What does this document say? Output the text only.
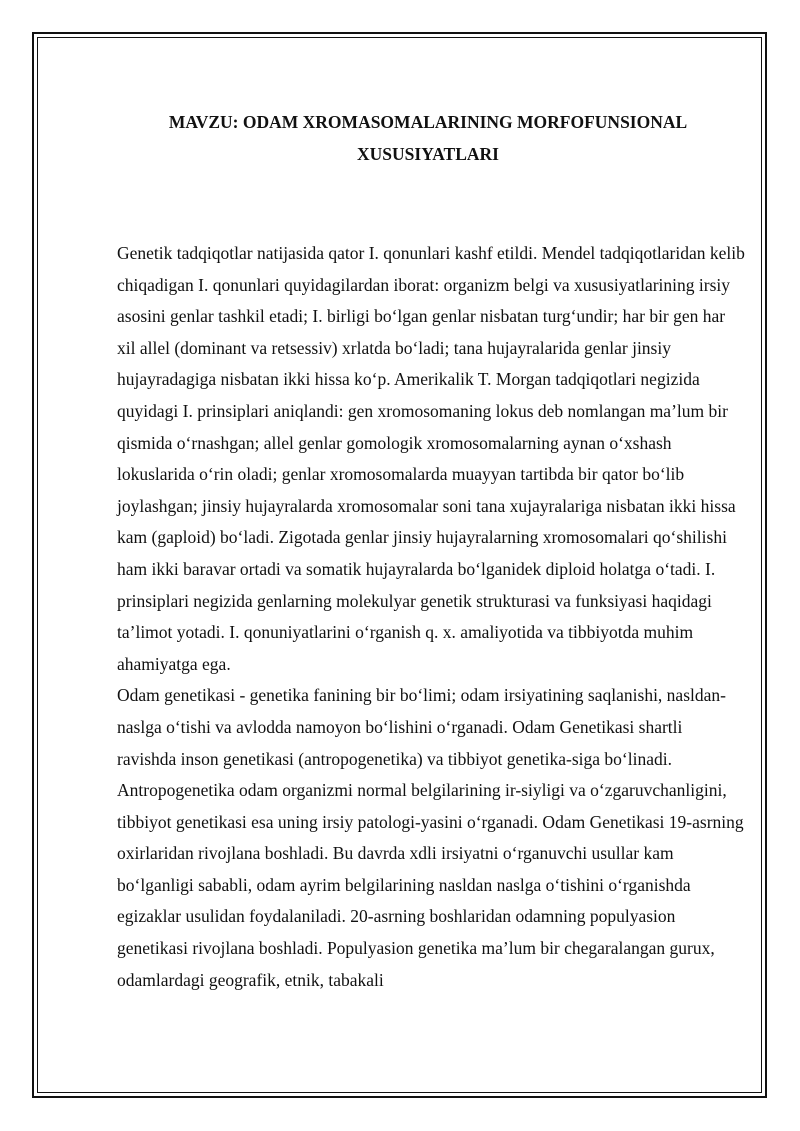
MAVZU: ODAM XROMASOMALARINING MORFOFUNSIONAL
XUSUSIYATLARI

Genetik tadqiqotlar natijasida qator I. qonunlari kashf etildi. Mendel tadqiqotlaridan kelib chiqadigan I. qonunlari quyidagilardan iborat: organizm belgi va xususiyatlarining irsiy asosini genlar tashkil etadi; I. birligi bo‘lgan genlar nisbatan turg‘undir; har bir gen har xil allel (dominant va retsessiv) xrlatda bo‘ladi; tana hujayralarida genlar jinsiy hujayradagiga nisbatan ikki hissa ko‘p. Amerikalik T. Morgan tadqiqotlari negizida quyidagi I. prinsiplari aniqlandi: gen xromosomaning lokus deb nomlangan ma’lum bir qismida o‘rnashgan; allel genlar gomologik xromosomalarning aynan o‘xshash lokuslarida o‘rin oladi; genlar xromosomalarda muayyan tartibda bir qator bo‘lib joylashgan; jinsiy hujayralarda xromosomalar soni tana xujayralariga nisbatan ikki hissa kam (gaploid) bo‘ladi. Zigotada genlar jinsiy hujayralarning xromosomalari qo‘shilishi ham ikki baravar ortadi va somatik hujayralarda bo‘lganidek diploid holatga o‘tadi. I. prinsiplari negizida genlarning molekulyar genetik strukturasi va funksiyasi haqidagi ta’limot yotadi. I. qonuniyatlarini o‘rganish q. x. amaliyotida va tibbiyotda muhim ahamiyatga ega.

Odam genetikasi - genetika fanining bir bo‘limi; odam irsiyatining saqlanishi, nasldan-naslga o‘tishi va avlodda namoyon bo‘lishini o‘rganadi. Odam Genetikasi shartli ravishda inson genetikasi (antropogenetika) va tibbiyot genetika-siga bo‘linadi. Antropogenetika odam organizmi normal belgilarining ir-siyligi va o‘zgaruvchanligini, tibbiyot genetikasi esa uning irsiy patologi-yasini o‘rganadi. Odam Genetikasi 19-asrning oxirlaridan rivojlana boshladi. Bu davrda xdli irsiyatni o‘rganuvchi usullar kam bo‘lganligi sababli, odam ayrim belgilarining nasldan naslga o‘tishini o‘rganishda egizaklar usulidan foydalaniladi. 20-asrning boshlaridan odamning populyasion genetikasi rivojlana boshladi. Populyasion genetika ma’lum bir chegaralangan gurux, odamlardagi geografik, etnik, tabakali
